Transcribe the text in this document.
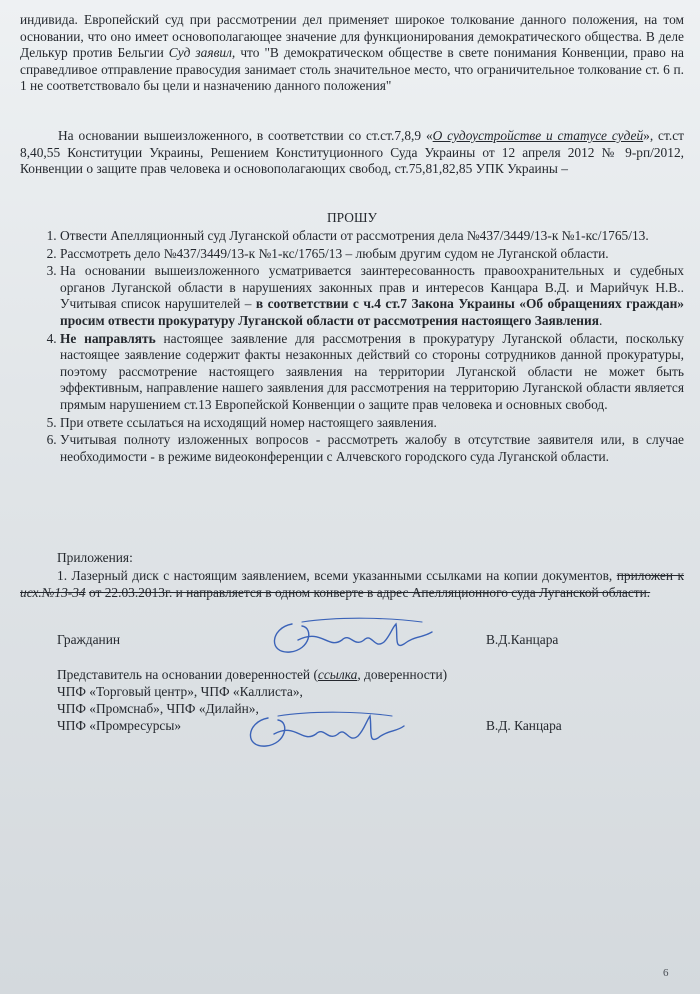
индивида. Европейский суд при рассмотрении дел применяет широкое толкование данного положения, на том основании, что оно имеет основополагающее значение для функционирования демократического общества. В деле Делькур против Бельгии Суд заявил, что "В демократическом обществе в свете понимания Конвенции, право на справедливое отправление правосудия занимает столь значительное место, что ограничительное толкование ст. 6 п. 1 не соответствовало бы цели и назначению данного положения"

На основании вышеизложенного, в соответствии со ст.ст.7,8,9 «О судоустройстве и статусе судей», ст.ст 8,40,55 Конституции Украины, Решением Конституционного Суда Украины от 12 апреля 2012 № 9-рп/2012, Конвенции о защите прав человека и основополагающих свобод, ст.75,81,82,85 УПК Украины –

ПРОШУ

1. Отвести Апелляционный суд Луганской области от рассмотрения дела №437/3449/13-к №1-кс/1765/13.
2. Рассмотреть дело №437/3449/13-к №1-кс/1765/13 – любым другим судом не Луганской области.
3. На основании вышеизложенного усматривается заинтересованность правоохранительных и судебных органов Луганской области в нарушениях законных прав и интересов Канцара В.Д. и Марийчук Н.В.. Учитывая список нарушителей – в соответствии с ч.4 ст.7 Закона Украины «Об обращениях граждан» просим отвести прокуратуру Луганской области от рассмотрения настоящего Заявления.
4. Не направлять настоящее заявление для рассмотрения в прокуратуру Луганской области, поскольку настоящее заявление содержит факты незаконных действий со стороны сотрудников данной прокуратуры, поэтому рассмотрение настоящего заявления на территории Луганской области не может быть эффективным, направление нашего заявления для рассмотрения на территорию Луганской области является прямым нарушением ст.13 Европейской Конвенции о защите прав человека и основных свобод.
5. При ответе ссылаться на исходящий номер настоящего заявления.
6. Учитывая полноту изложенных вопросов - рассмотреть жалобу в отсутствие заявителя или, в случае необходимости - в режиме видеоконференции с Алчевского городского суда Луганской области.

Приложения:

1. Лазерный диск с настоящим заявлением, всеми указанными ссылками на копии документов, приложен к исх.№13-34 от 22.03.2013г. и направляется в одном конверте в адрес Апелляционного суда Луганской области.

Гражданин	В.Д.Канцара
Представитель на основании доверенностей (ссылка, доверенности)
ЧПФ «Торговый центр», ЧПФ «Каллиста»,
ЧПФ «Промснаб», ЧПФ «Дилайн»,
ЧПФ «Промресурсы»	В.Д. Канцара
6
